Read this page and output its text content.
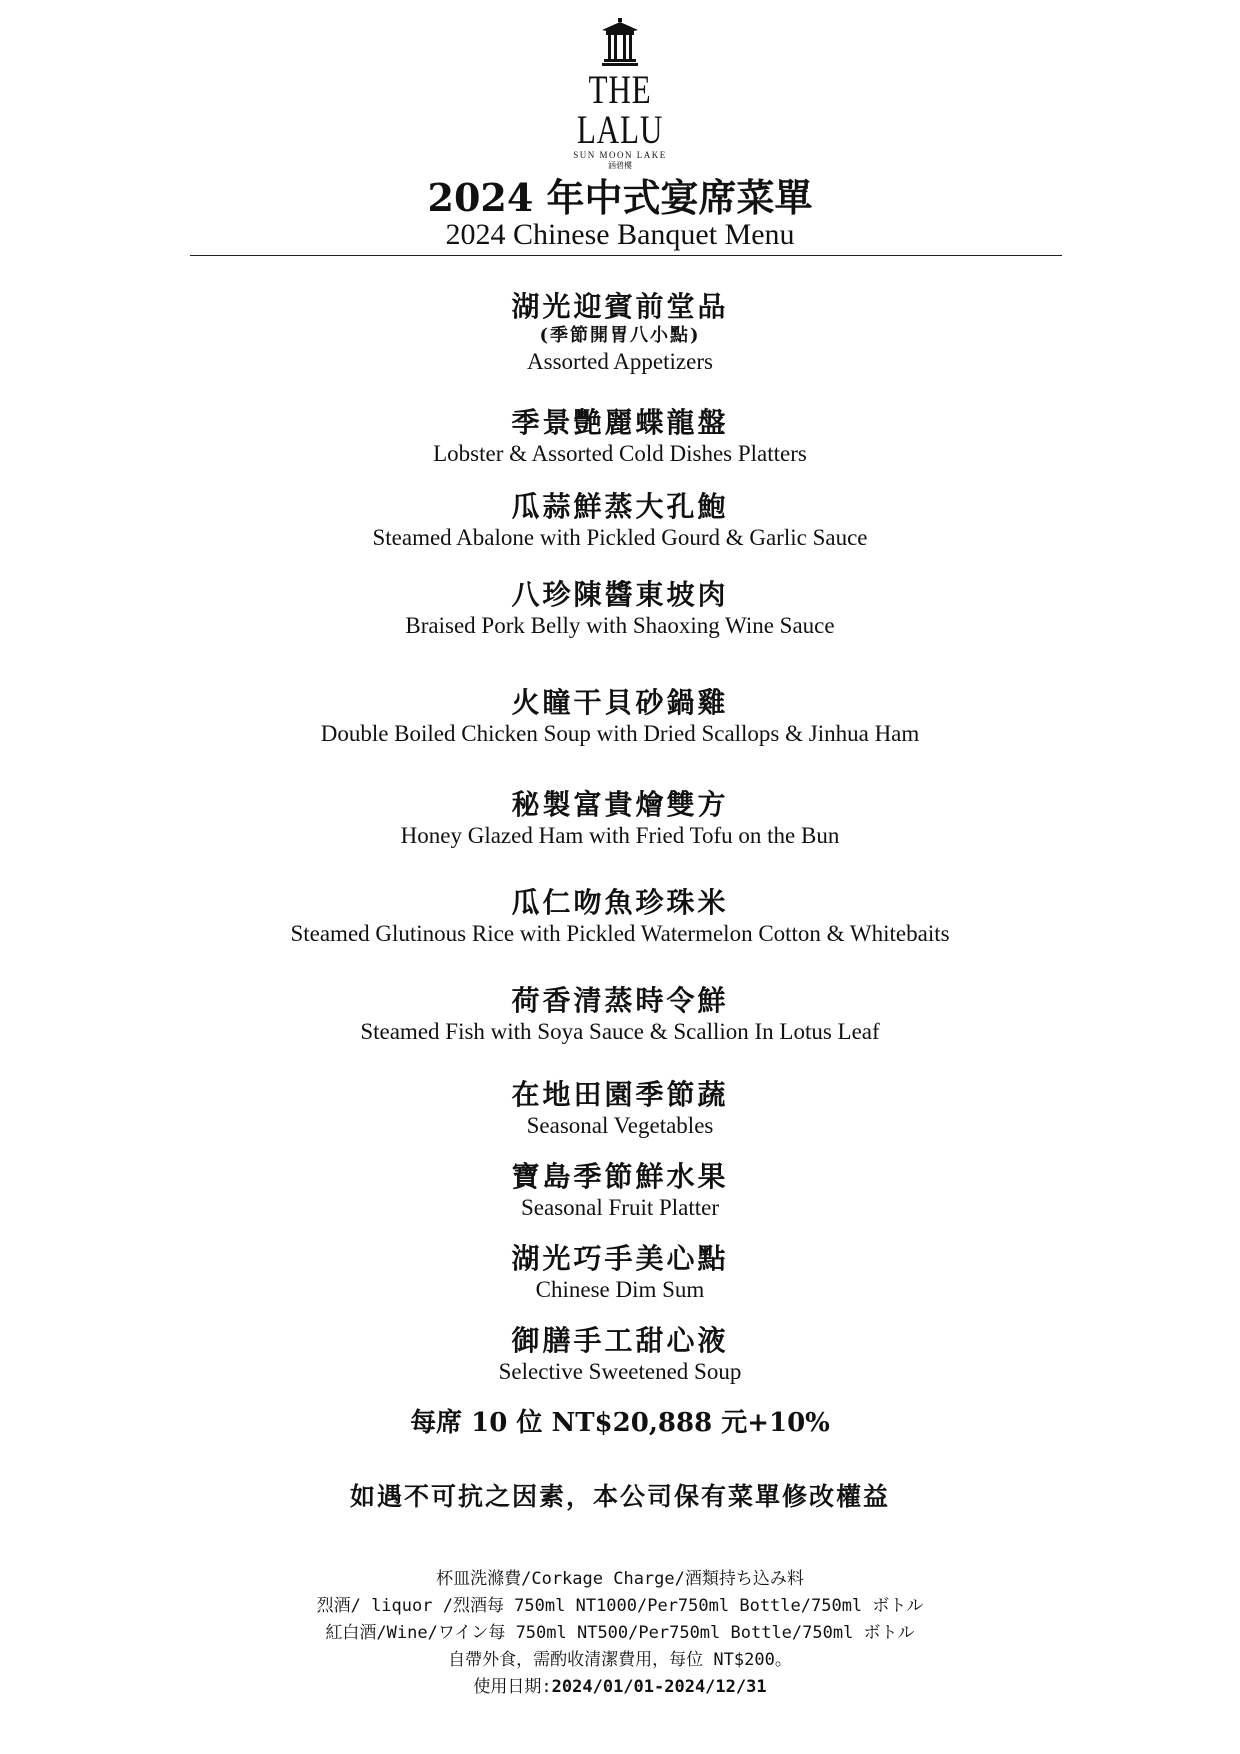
THE LALU
SUN MOON LAKE
涵碧樓
2024 年中式宴席菜單
2024 Chinese Banquet Menu
湖光迎賓前堂品
(季節開胃八小點)
Assorted Appetizers
季景艷麗蝶龍盤
Lobster & Assorted Cold Dishes Platters
瓜蒜鮮蒸大孔鮑
Steamed Abalone with Pickled Gourd & Garlic Sauce
八珍陳醬東坡肉
Braised Pork Belly with Shaoxing Wine Sauce
火瞳干貝砂鍋雞
Double Boiled Chicken Soup with Dried Scallops & Jinhua Ham
秘製富貴燴雙方
Honey Glazed Ham with Fried Tofu on the Bun
瓜仁吻魚珍珠米
Steamed Glutinous Rice with Pickled Watermelon Cotton & Whitebaits
荷香清蒸時令鮮
Steamed Fish with Soya Sauce & Scallion In Lotus Leaf
在地田園季節蔬
Seasonal Vegetables
寶島季節鮮水果
Seasonal Fruit Platter
湖光巧手美心點
Chinese Dim Sum
御膳手工甜心液
Selective Sweetened Soup
每席 10 位 NT$20,888 元+10%
如遇不可抗之因素，本公司保有菜單修改權益
杯皿洗滌費/Corkage Charge/酒類持ち込み料
烈酒/ liquor /烈酒每 750ml NT1000/Per750ml Bottle/750ml ボトル
紅白酒/Wine/ワイン每 750ml NT500/Per750ml Bottle/750ml ボトル
自帶外食，需酌收清潔費用，每位 NT$200。
使用日期:2024/01/01-2024/12/31
